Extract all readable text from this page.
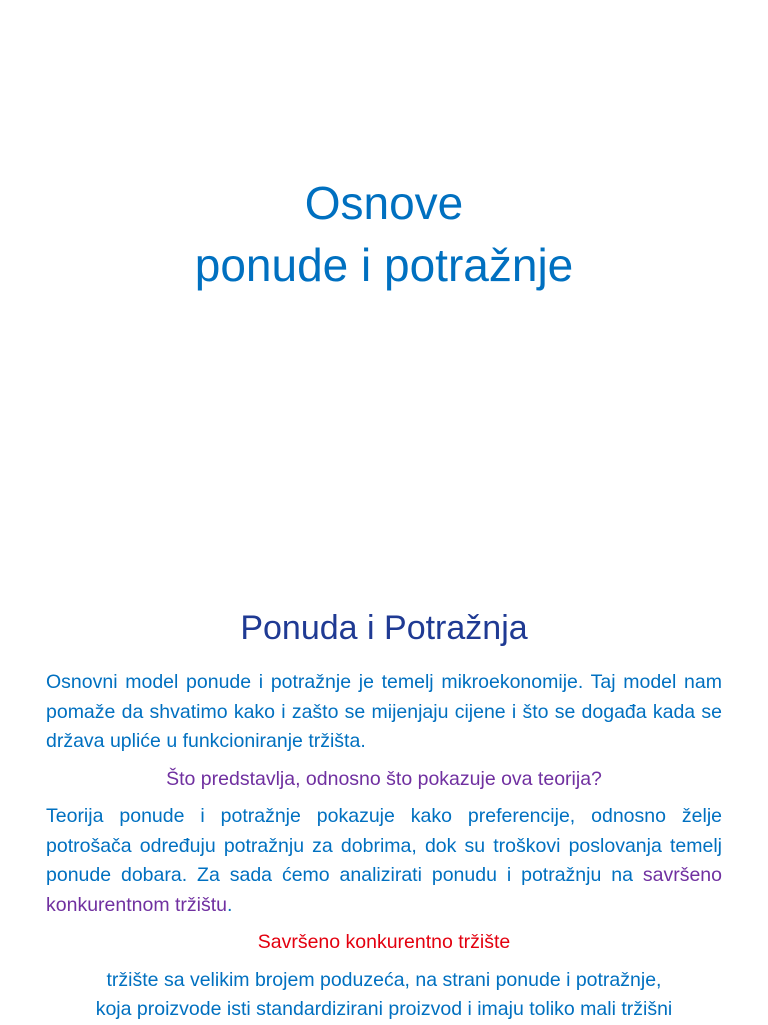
Osnove
ponude i potražnje
Ponuda i Potražnja

Osnovni model ponude i potražnje je temelj mikroekonomije. Taj model nam pomaže da shvatimo kako i zašto se mijenjaju cijene i što se događa kada se država upliće u funkcioniranje tržišta.

Što predstavlja, odnosno što pokazuje ova teorija?

Teorija ponude i potražnje pokazuje kako preferencije, odnosno želje potrošača određuju potražnju za dobrima, dok su troškovi poslovanja temelj ponude dobara. Za sada ćemo analizirati ponudu i potražnju na savršeno konkurentnom tržištu.

Savršeno konkurentno tržište

tržište sa velikim brojem poduzeća, na strani ponude i potražnje,
koja proizvode isti standardizirani proizvod i imaju toliko mali tržišni
